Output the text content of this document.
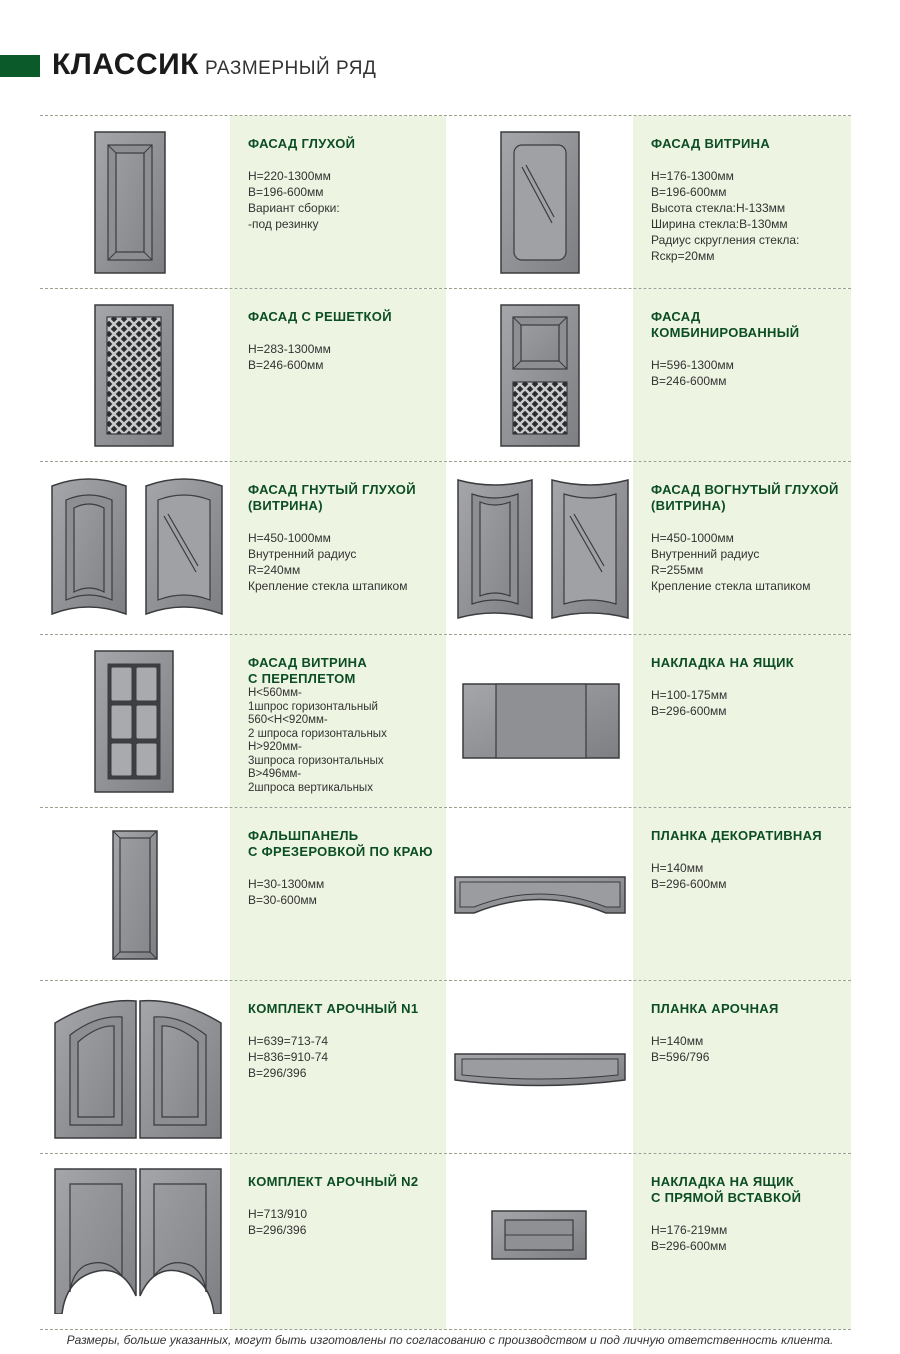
КЛАССИК РАЗМЕРНЫЙ РЯД
ФАСАД ГЛУХОЙ
Н=220-1300мм
В=196-600мм
Вариант сборки:
-под резинку
ФАСАД ВИТРИНА
Н=176-1300мм
В=196-600мм
Высота стекла:Н-133мм
Ширина стекла:В-130мм
Радиус скругления стекла:
Rскр=20мм
ФАСАД С РЕШЕТКОЙ
Н=283-1300мм
В=246-600мм
ФАСАД
КОМБИНИРОВАННЫЙ
Н=596-1300мм
В=246-600мм
ФАСАД ГНУТЫЙ ГЛУХОЙ
(ВИТРИНА)
Н=450-1000мм
Внутренний радиус
R=240мм
Крепление стекла штапиком
ФАСАД ВОГНУТЫЙ ГЛУХОЙ
(ВИТРИНА)
Н=450-1000мм
Внутренний радиус
R=255мм
Крепление стекла штапиком
ФАСАД ВИТРИНА
С ПЕРЕПЛЕТОМ
Н<560мм-
1шпрос горизонтальный
560<Н<920мм-
2 шпроса горизонтальных
Н>920мм-
3шпроса горизонтальных
В>496мм-
2шпроса вертикальных
НАКЛАДКА НА ЯЩИК
Н=100-175мм
В=296-600мм
ФАЛЬШПАНЕЛЬ
С ФРЕЗЕРОВКОЙ ПО КРАЮ
Н=30-1300мм
В=30-600мм
ПЛАНКА ДЕКОРАТИВНАЯ
Н=140мм
В=296-600мм
КОМПЛЕКТ АРОЧНЫЙ N1
Н=639=713-74
Н=836=910-74
В=296/396
ПЛАНКА АРОЧНАЯ
Н=140мм
В=596/796
КОМПЛЕКТ АРОЧНЫЙ N2
Н=713/910
В=296/396
НАКЛАДКА НА ЯЩИК
С ПРЯМОЙ ВСТАВКОЙ
Н=176-219мм
В=296-600мм
Размеры, больше указанных, могут быть изготовлены по согласованию с производством и под личную ответственность клиента.
